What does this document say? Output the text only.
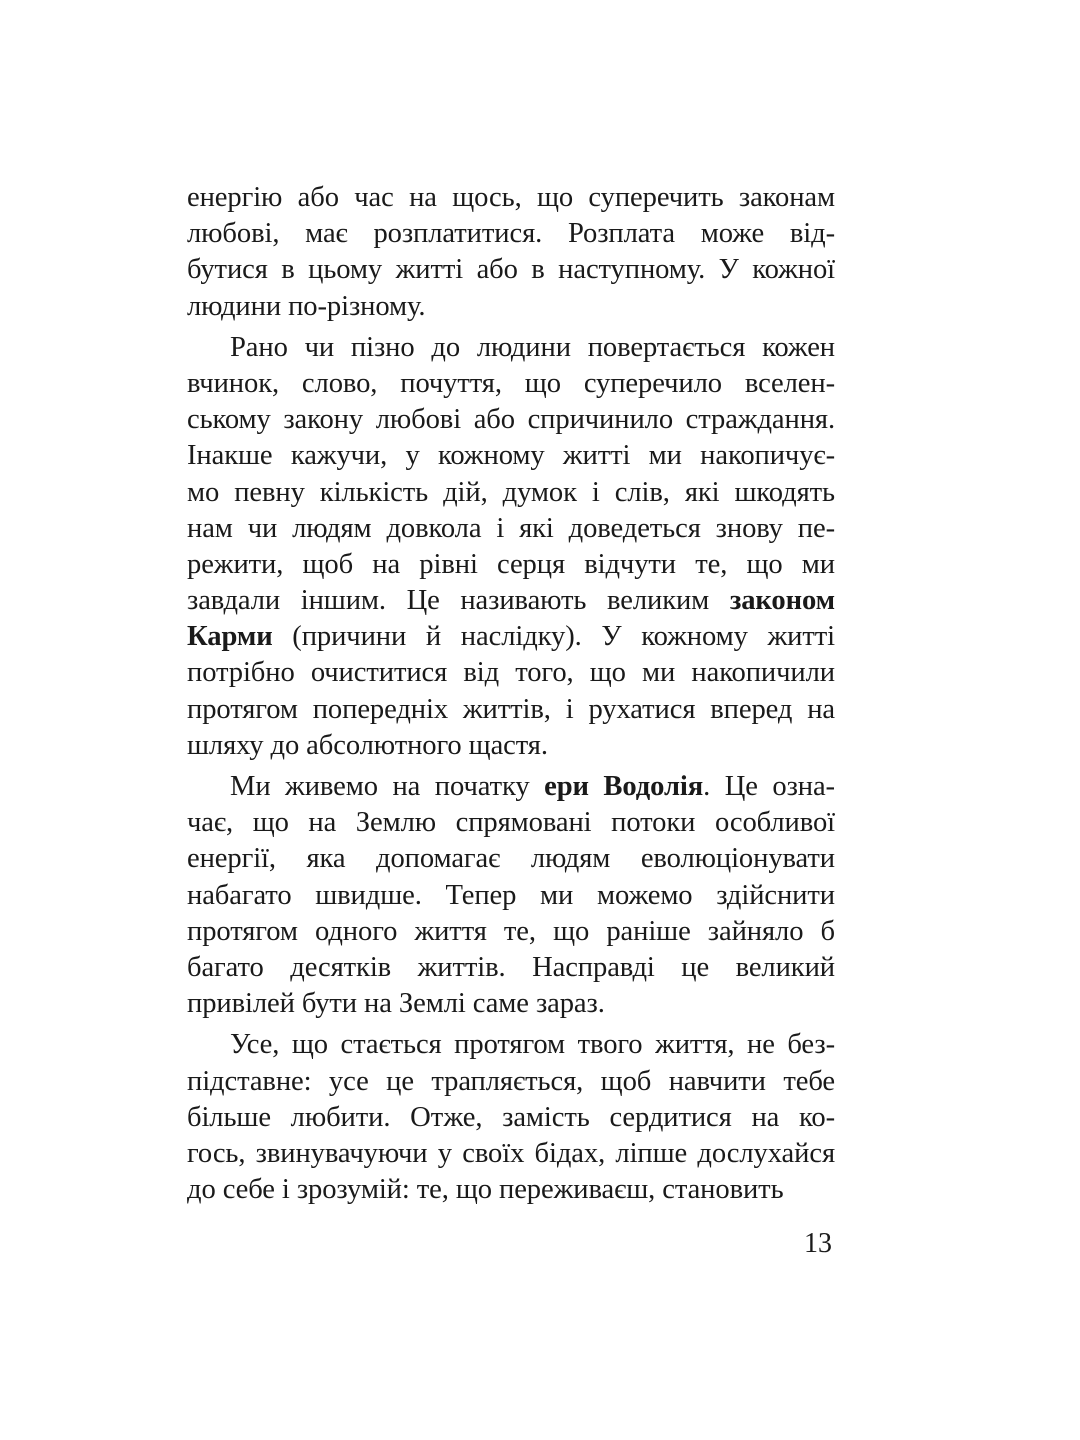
енергію або час на щось, що суперечить законам
любові, має розплатитися. Розплата може від-
бутися в цьому житті або в наступному. У кожної
людини по-різному.
Рано чи пізно до людини повертається кожен
вчинок, слово, почуття, що суперечило вселен-
ському закону любові або спричинило страждання.
Інакше кажучи, у кожному житті ми накопичує-
мо певну кількість дій, думок і слів, які шкодять
нам чи людям довкола і які доведеться знову пе-
режити, щоб на рівні серця відчути те, що ми
завдали іншим. Це називають великим законом
Карми (причини й наслідку). У кожному житті
потрібно очиститися від того, що ми накопичили
протягом попередніх життів, і рухатися вперед на
шляху до абсолютного щастя.
Ми живемо на початку ери Водолія. Це озна-
чає, що на Землю спрямовані потоки особливої
енергії, яка допомагає людям еволюціонувати
набагато швидше. Тепер ми можемо здійснити
протягом одного життя те, що раніше зайняло б
багато десятків життів. Насправді це великий
привілей бути на Землі саме зараз.
Усе, що стається протягом твого життя, не без-
підставне: усе це трапляється, щоб навчити тебе
більше любити. Отже, замість сердитися на ко-
гось, звинувачуючи у своїх бідах, ліпше дослухайся
до себе і зрозумій: те, що переживаєш, становить
13
